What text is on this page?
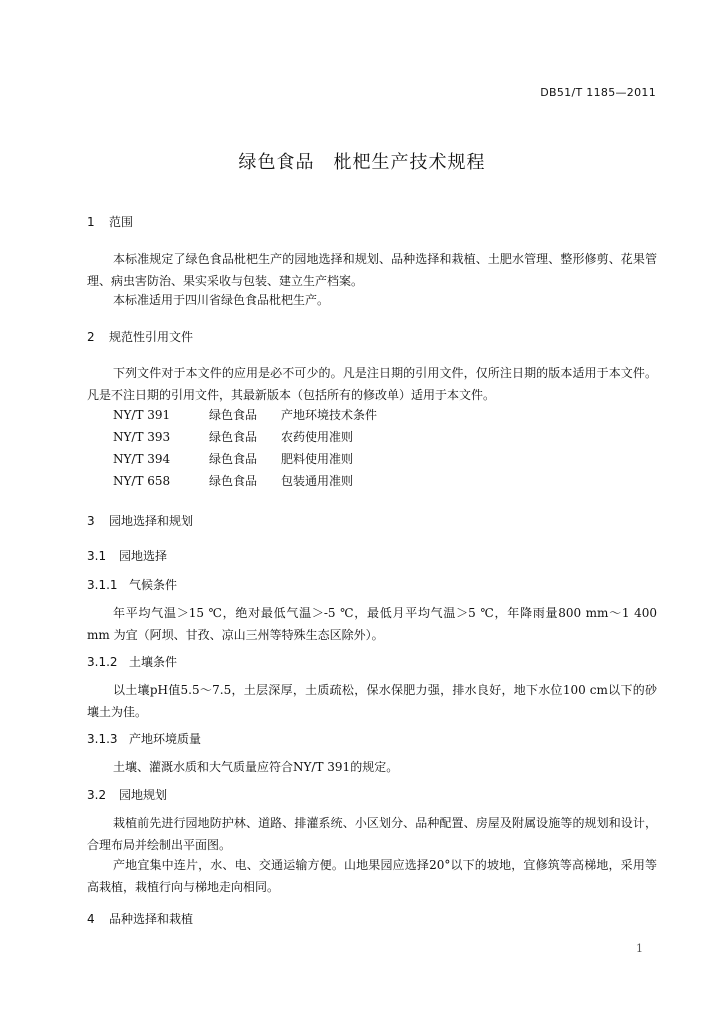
DB51/T 1185—2011
绿色食品　枇杷生产技术规程
1 范围
本标准规定了绿色食品枇杷生产的园地选择和规划、品种选择和栽植、土肥水管理、整形修剪、花果管理、病虫害防治、果实采收与包装、建立生产档案。
本标准适用于四川省绿色食品枇杷生产。
2 规范性引用文件
下列文件对于本文件的应用是必不可少的。凡是注日期的引用文件，仅所注日期的版本适用于本文件。凡是不注日期的引用文件，其最新版本（包括所有的修改单）适用于本文件。
NY/T 391	绿色食品 产地环境技术条件
NY/T 393	绿色食品 农药使用准则
NY/T 394	绿色食品 肥料使用准则
NY/T 658	绿色食品 包装通用准则
3 园地选择和规划
3.1 园地选择
3.1.1 气候条件
年平均气温＞15 ℃，绝对最低气温＞-5 ℃，最低月平均气温＞5 ℃，年降雨量800 mm～1 400 mm 为宜（阿坝、甘孜、凉山三州等特殊生态区除外）。
3.1.2 土壤条件
以土壤pH值5.5～7.5，土层深厚，土质疏松，保水保肥力强，排水良好，地下水位100 cm以下的砂壤土为佳。
3.1.3 产地环境质量
土壤、灌溉水质和大气质量应符合NY/T 391的规定。
3.2 园地规划
栽植前先进行园地防护林、道路、排灌系统、小区划分、品种配置、房屋及附属设施等的规划和设计，合理布局并绘制出平面图。
产地宜集中连片，水、电、交通运输方便。山地果园应选择20°以下的坡地，宜修筑等高梯地，采用等高栽植，栽植行向与梯地走向相同。
4 品种选择和栽植
1
